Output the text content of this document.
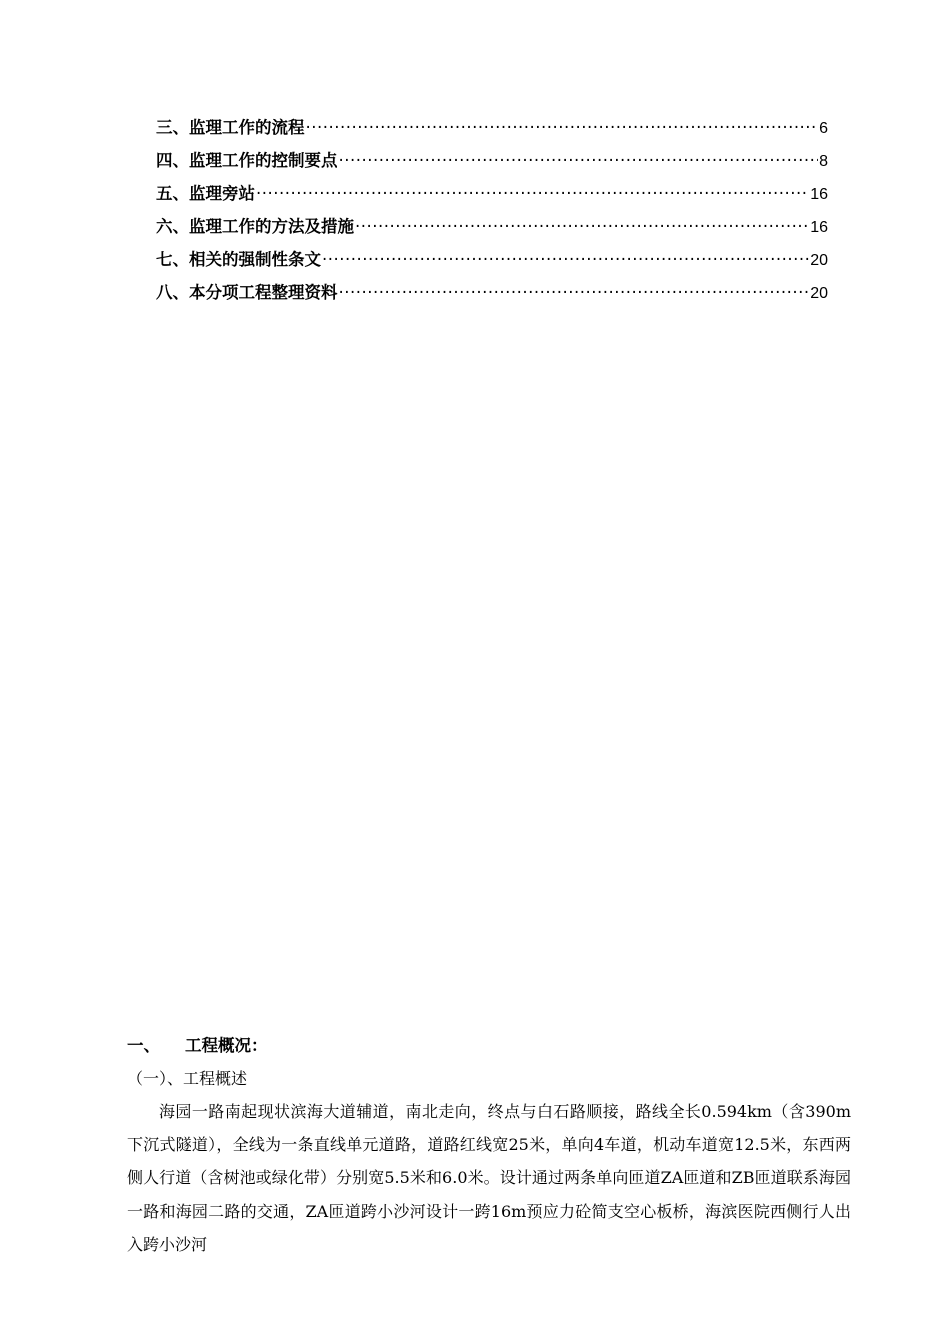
三、监理工作的流程 ·····	6
四、监理工作的控制要点 ·····	8
五、监理旁站 ·····	16
六、监理工作的方法及措施 ·····	16
七、相关的强制性条文 ·····	20
八、本分项工程整理资料 ·····	20
一、	工程概况：
（一）、工程概述

海园一路南起现状滨海大道辅道，南北走向，终点与白石路顺接，路线全长0.594km（含390m下沉式隧道），全线为一条直线单元道路，道路红线宽25米，单向4车道，机动车道宽12.5米，东西两侧人行道（含树池或绿化带）分别宽5.5米和6.0米。设计通过两条单向匝道ZA匝道和ZB匝道联系海园一路和海园二路的交通，ZA匝道跨小沙河设计一跨16m预应力砼简支空心板桥，海滨医院西侧行人出入跨小沙河
